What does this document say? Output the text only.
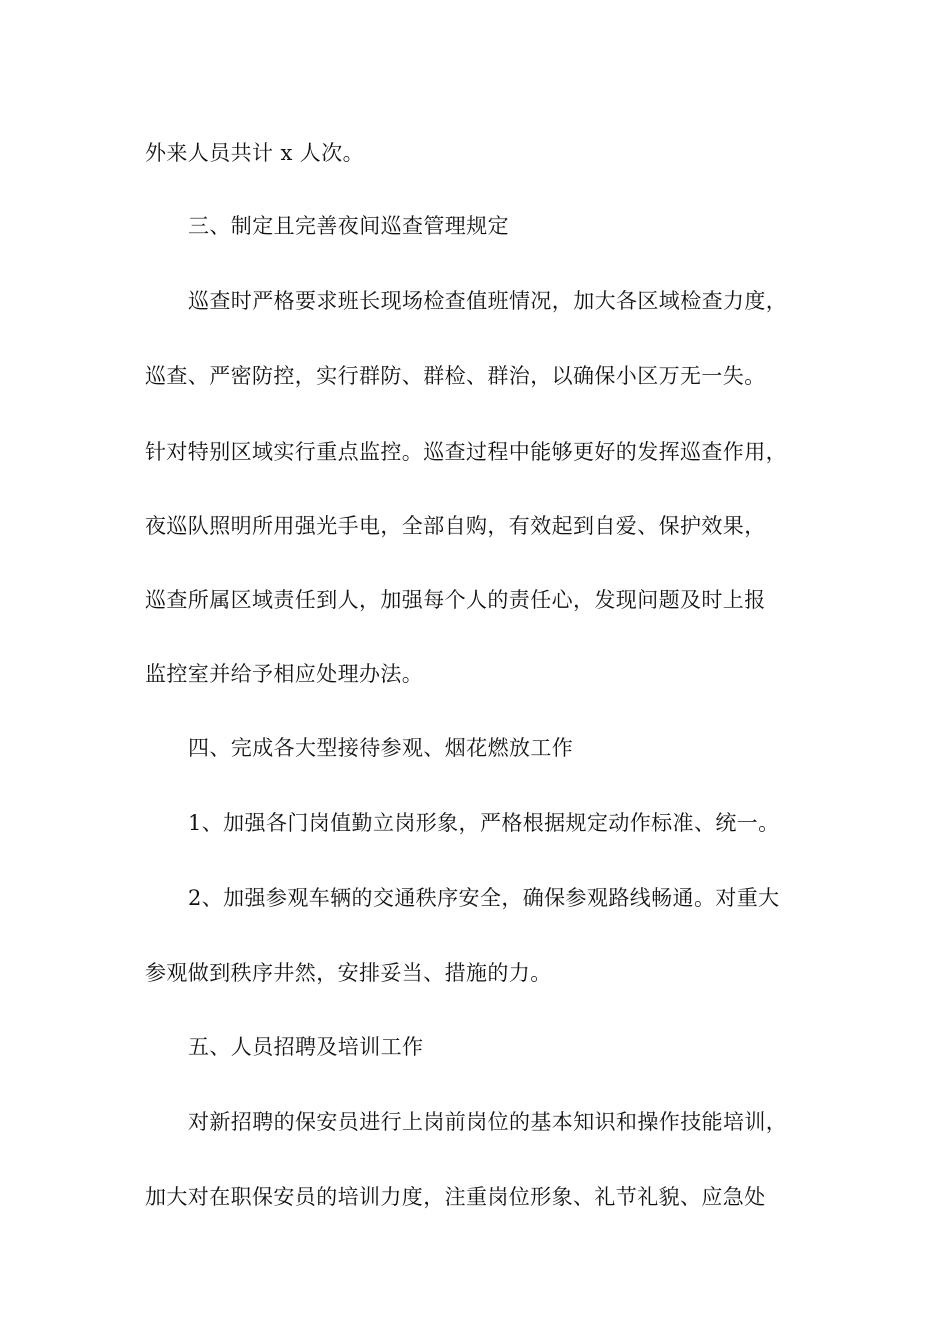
外来人员共计 x 人次。
三、制定且完善夜间巡查管理规定
巡查时严格要求班长现场检查值班情况，加大各区域检查力度，
巡查、严密防控，实行群防、群检、群治，以确保小区万无一失。
针对特别区域实行重点监控。巡查过程中能够更好的发挥巡查作用，
夜巡队照明所用强光手电，全部自购，有效起到自爱、保护效果，
巡查所属区域责任到人，加强每个人的责任心，发现问题及时上报
监控室并给予相应处理办法。
四、完成各大型接待参观、烟花燃放工作
1、加强各门岗值勤立岗形象，严格根据规定动作标准、统一。
2、加强参观车辆的交通秩序安全，确保参观路线畅通。对重大
参观做到秩序井然，安排妥当、措施的力。
五、人员招聘及培训工作
对新招聘的保安员进行上岗前岗位的基本知识和操作技能培训，
加大对在职保安员的培训力度，注重岗位形象、礼节礼貌、应急处
